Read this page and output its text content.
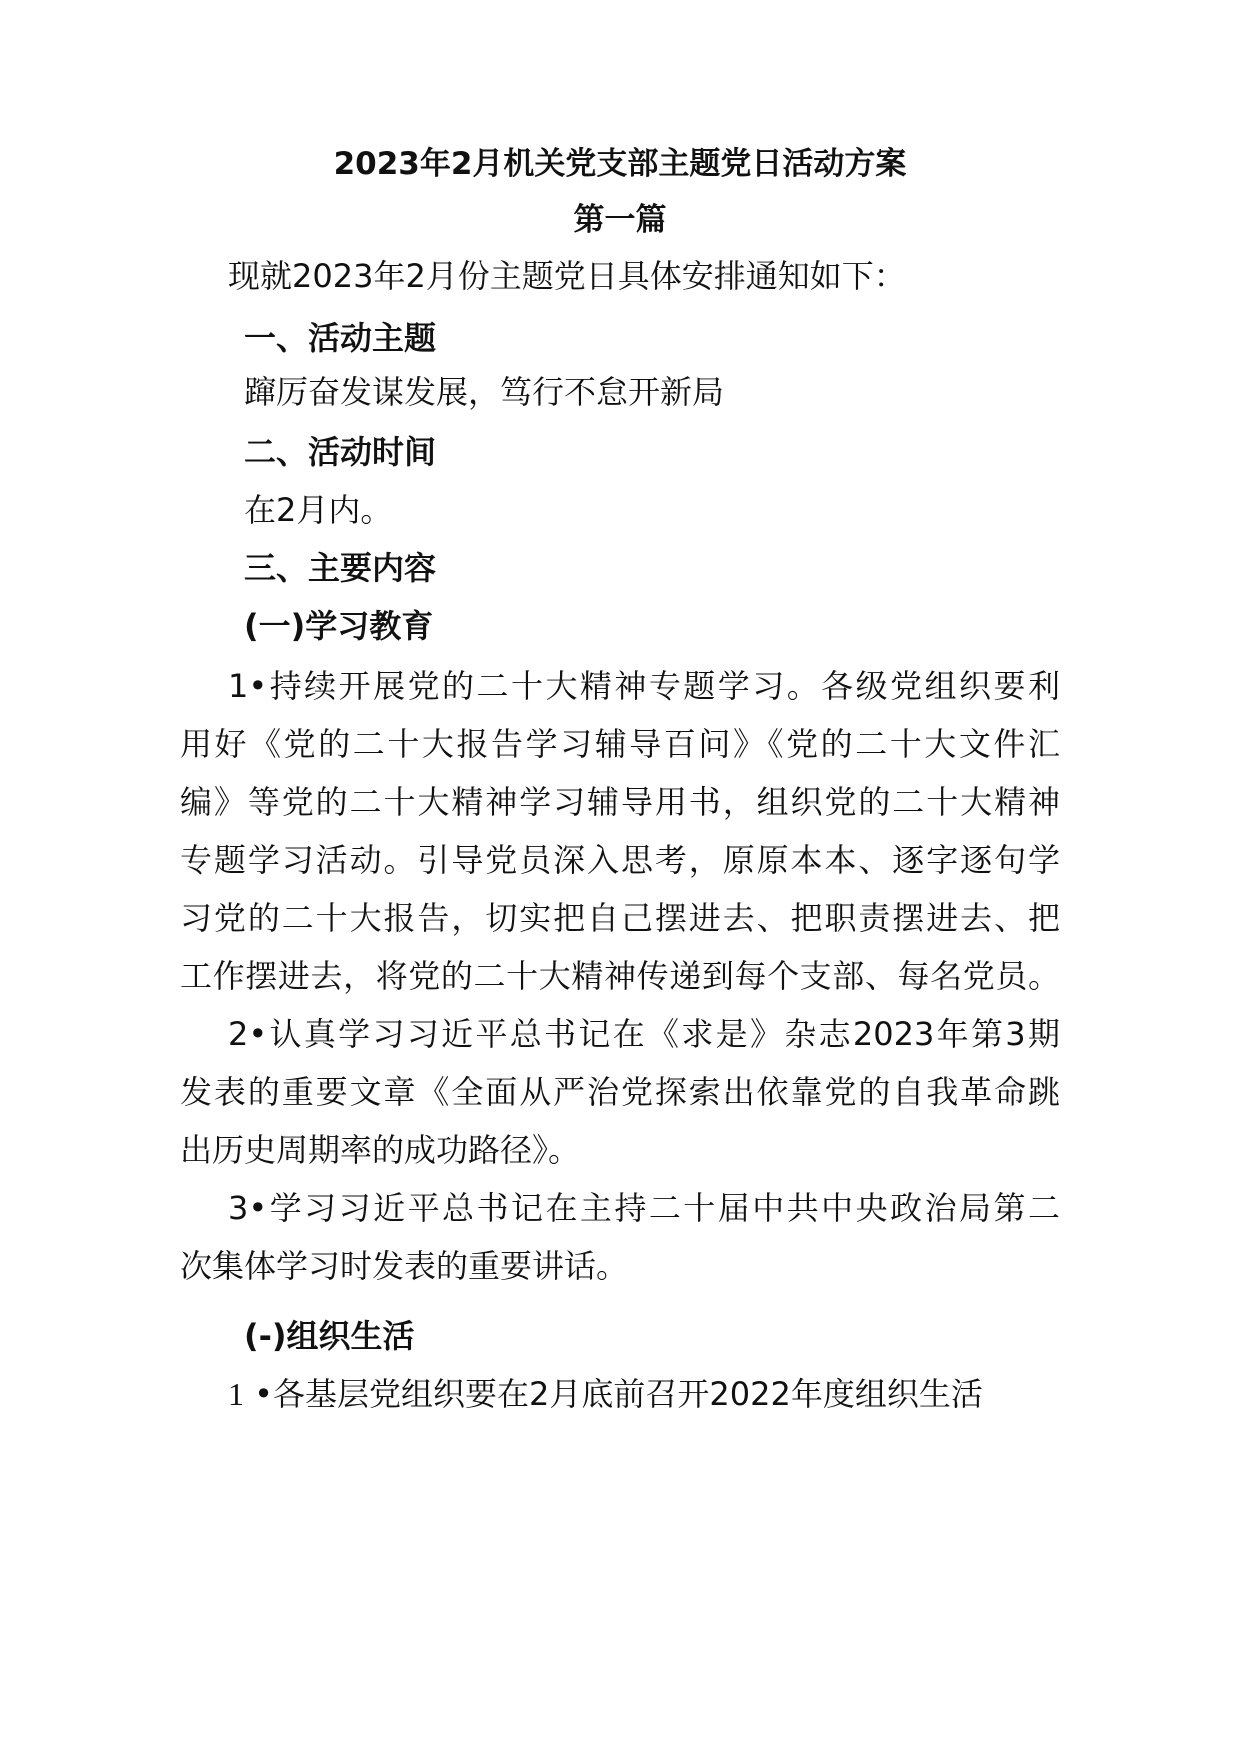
2023年2月机关党支部主题党日活动方案
第一篇
现就2023年2月份主题党日具体安排通知如下：
一、活动主题
蹿厉奋发谋发展，笃行不怠开新局
二、活动时间
在2月内。
三、主要内容
(一)学习教育
1•持续开展党的二十大精神专题学习。各级党组织要利
用好《党的二十大报告学习辅导百问》《党的二十大文件汇
编》等党的二十大精神学习辅导用书，组织党的二十大精神
专题学习活动。引导党员深入思考，原原本本、逐字逐句学
习党的二十大报告，切实把自己摆进去、把职责摆进去、把
工作摆进去，将党的二十大精神传递到每个支部、每名党员。
2•认真学习习近平总书记在《求是》杂志2023年第3期
发表的重要文章《全面从严治党探索出依靠党的自我革命跳
出历史周期率的成功路径》。
3•学习习近平总书记在主持二十届中共中央政治局第二
次集体学习时发表的重要讲话。
(-)组织生活
1 •各基层党组织要在2月底前召开2022年度组织生活
